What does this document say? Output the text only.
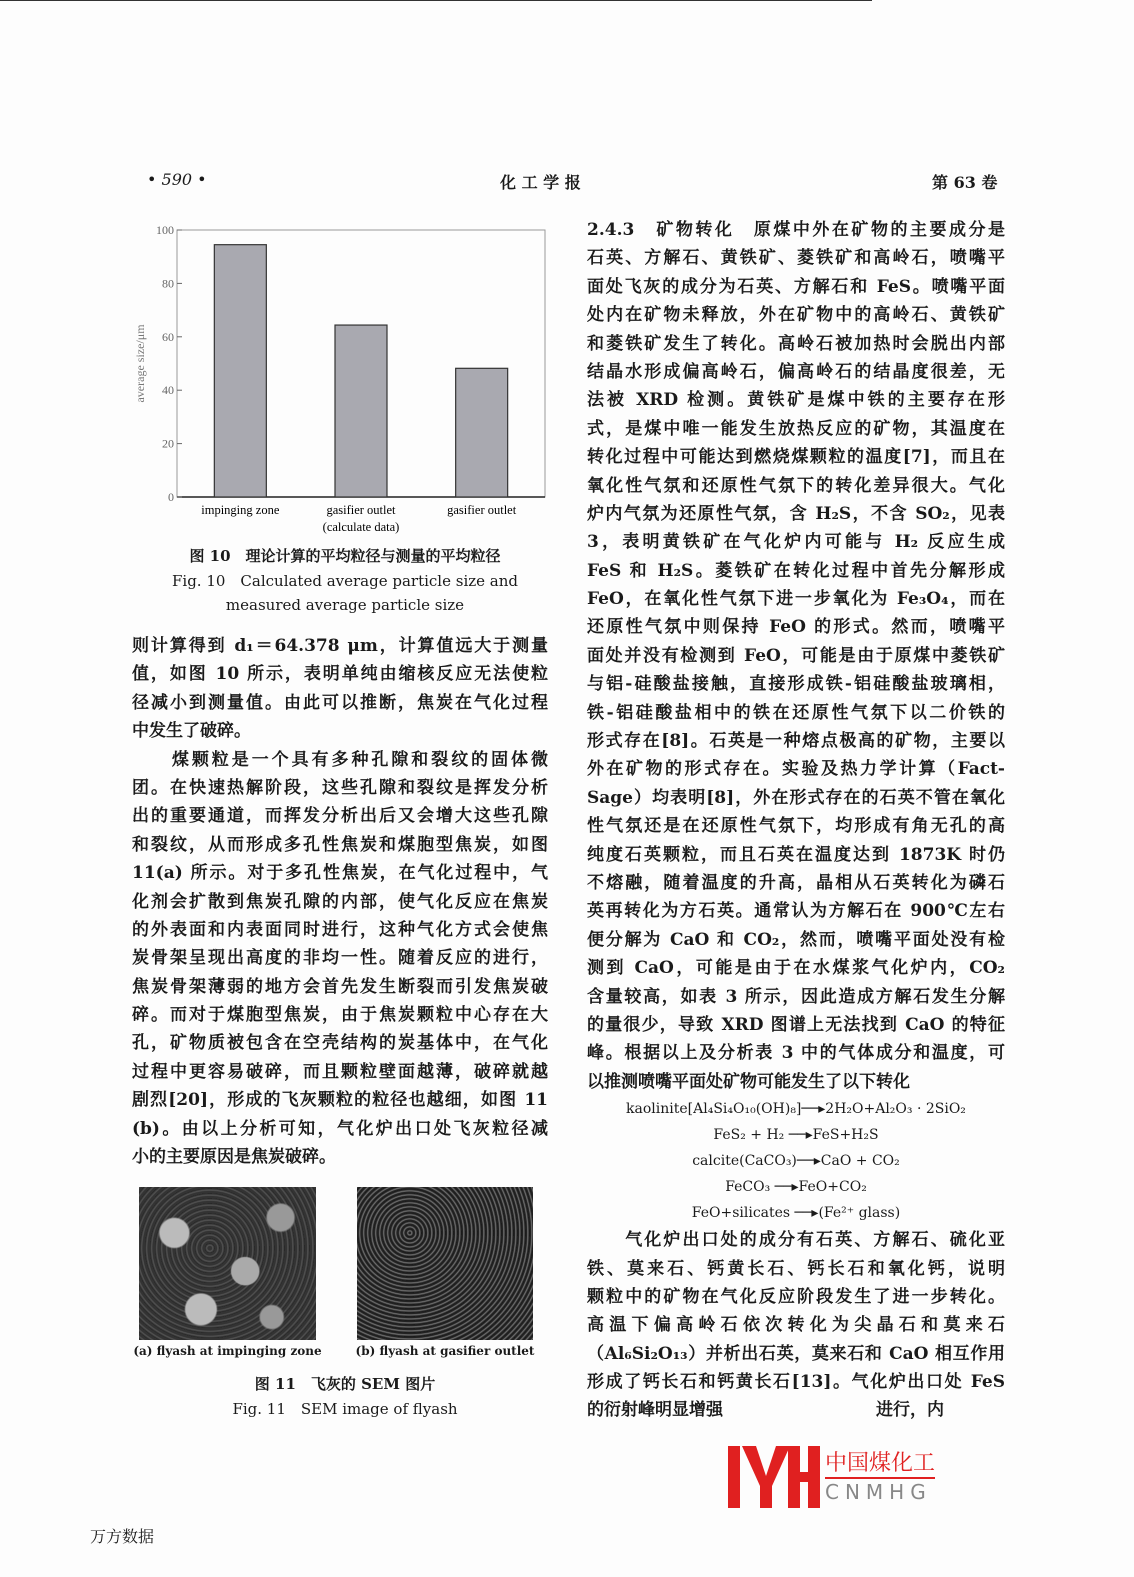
• 590 •	化 工 学 报	第 63 卷
0
20
40
60
80
100
average size/μm
impinging zone	gasifier outlet
(calculate data)
gasifier outlet
图 10　理论计算的平均粒径与测量的平均粒径
Fig. 10　Calculated average particle size and
measured average particle size
则计算得到 d₁＝64.378 μm，计算值远大于测量
值，如图 10 所示，表明单纯由缩核反应无法使粒
径减小到测量值。由此可以推断，焦炭在气化过程
中发生了破碎。
　　煤颗粒是一个具有多种孔隙和裂纹的固体微
团。在快速热解阶段，这些孔隙和裂纹是挥发分析
出的重要通道，而挥发分析出后又会增大这些孔隙
和裂纹，从而形成多孔性焦炭和煤胞型焦炭，如图
11(a) 所示。对于多孔性焦炭，在气化过程中，气
化剂会扩散到焦炭孔隙的内部，使气化反应在焦炭
的外表面和内表面同时进行，这种气化方式会使焦
炭骨架呈现出高度的非均一性。随着反应的进行，
焦炭骨架薄弱的地方会首先发生断裂而引发焦炭破
碎。而对于煤胞型焦炭，由于焦炭颗粒中心存在大
孔，矿物质被包含在空壳结构的炭基体中，在气化
过程中更容易破碎，而且颗粒壁面越薄，破碎就越
剧烈[20]，形成的飞灰颗粒的粒径也越细，如图 11
(b)。由以上分析可知，气化炉出口处飞灰粒径减
小的主要原因是焦炭破碎。
(a) flyash at impinging zone	(b) flyash at gasifier outlet
图 11　飞灰的 SEM 图片
Fig. 11　SEM image of flyash
2.4.3　矿物转化　原煤中外在矿物的主要成分是
石英、方解石、黄铁矿、菱铁矿和高岭石，喷嘴平
面处飞灰的成分为石英、方解石和 FeS。喷嘴平面
处内在矿物未释放，外在矿物中的高岭石、黄铁矿
和菱铁矿发生了转化。高岭石被加热时会脱出内部
结晶水形成偏高岭石，偏高岭石的结晶度很差，无
法被 XRD 检测。黄铁矿是煤中铁的主要存在形
式，是煤中唯一能发生放热反应的矿物，其温度在
转化过程中可能达到燃烧煤颗粒的温度[7]，而且在
氧化性气氛和还原性气氛下的转化差异很大。气化
炉内气氛为还原性气氛，含 H₂S，不含 SO₂，见表
3，表明黄铁矿在气化炉内可能与 H₂ 反应生成
FeS 和 H₂S。菱铁矿在转化过程中首先分解形成
FeO，在氧化性气氛下进一步氧化为 Fe₃O₄，而在
还原性气氛中则保持 FeO 的形式。然而，喷嘴平
面处并没有检测到 FeO，可能是由于原煤中菱铁矿
与铝-硅酸盐接触，直接形成铁-铝硅酸盐玻璃相，
铁-铝硅酸盐相中的铁在还原性气氛下以二价铁的
形式存在[8]。石英是一种熔点极高的矿物，主要以
外在矿物的形式存在。实验及热力学计算（Fact-
Sage）均表明[8]，外在形式存在的石英不管在氧化
性气氛还是在还原性气氛下，均形成有角无孔的高
纯度石英颗粒，而且石英在温度达到 1873K 时仍
不熔融，随着温度的升高，晶相从石英转化为磷石
英再转化为方石英。通常认为方解石在 900℃左右
便分解为 CaO 和 CO₂，然而，喷嘴平面处没有检
测到 CaO，可能是由于在水煤浆气化炉内，CO₂
含量较高，如表 3 所示，因此造成方解石发生分解
的量很少，导致 XRD 图谱上无法找到 CaO 的特征
峰。根据以上及分析表 3 中的气体成分和温度，可
以推测喷嘴平面处矿物可能发生了以下转化
kaolinite[Al₄Si₄O₁₀(OH)₈]──▸2H₂O+Al₂O₃ · 2SiO₂
FeS₂ + H₂ ──▸FeS+H₂S
calcite(CaCO₃)──▸CaO + CO₂
FeCO₃ ──▸FeO+CO₂
FeO+silicates ──▸(Fe²⁺ glass)
　　气化炉出口处的成分有石英、方解石、硫化亚
铁、莫来石、钙黄长石、钙长石和氧化钙，说明
颗粒中的矿物在气化反应阶段发生了进一步转化。
高温下偏高岭石依次转化为尖晶石和莫来石
（Al₆Si₂O₁₃）并析出石英，莫来石和 CaO 相互作用
形成了钙长石和钙黄长石[13]。气化炉出口处 FeS
的衍射峰明显增强　　　　　　　　　进行，内
中国煤化工
CNMHG
万方数据
